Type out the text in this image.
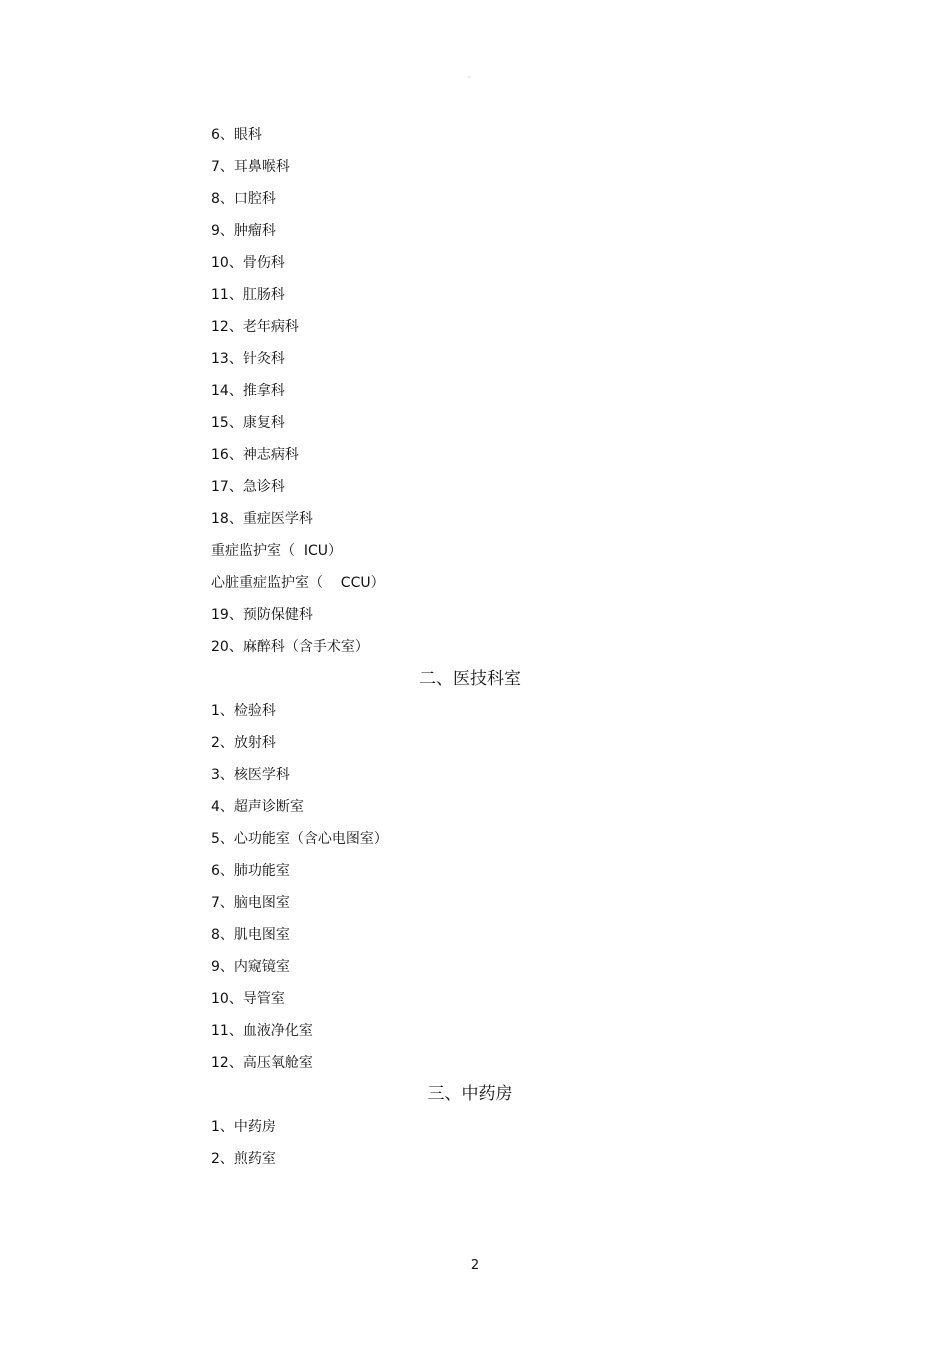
。
6、眼科
7、耳鼻喉科
8、口腔科
9、肿瘤科
10、骨伤科
11、肛肠科
12、老年病科
13、针灸科
14、推拿科
15、康复科
16、神志病科
17、急诊科
18、重症医学科
重症监护室（  ICU）
心脏重症监护室（    CCU）
19、预防保健科
20、麻醉科（含手术室）
二、医技科室
1、检验科
2、放射科
3、核医学科
4、超声诊断室
5、心功能室（含心电图室）
6、肺功能室
7、脑电图室
8、肌电图室
9、内窥镜室
10、导管室
11、血液净化室
12、高压氧舱室
三、中药房
1、中药房
2、煎药室
2
